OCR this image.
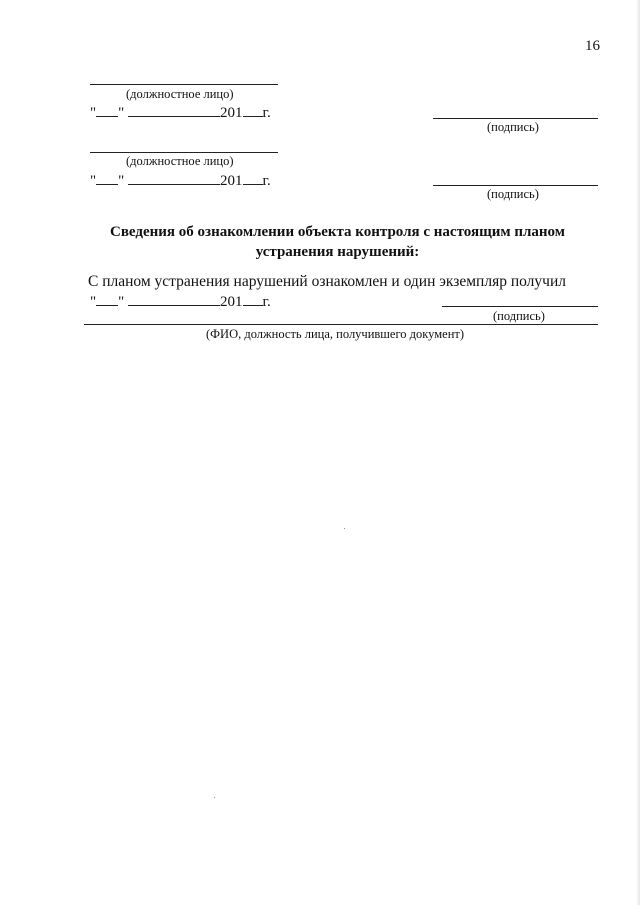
16
(должностное лицо)
" "	201 г.
(подпись)
(должностное лицо)
" "	201 г.
(подпись)
Сведения об ознакомлении объекта контроля с настоящим планом устранения нарушений:
С планом устранения нарушений ознакомлен и один экземпляр получил
" "	201 г.
(подпись)
(ФИО, должность лица, получившего документ)
